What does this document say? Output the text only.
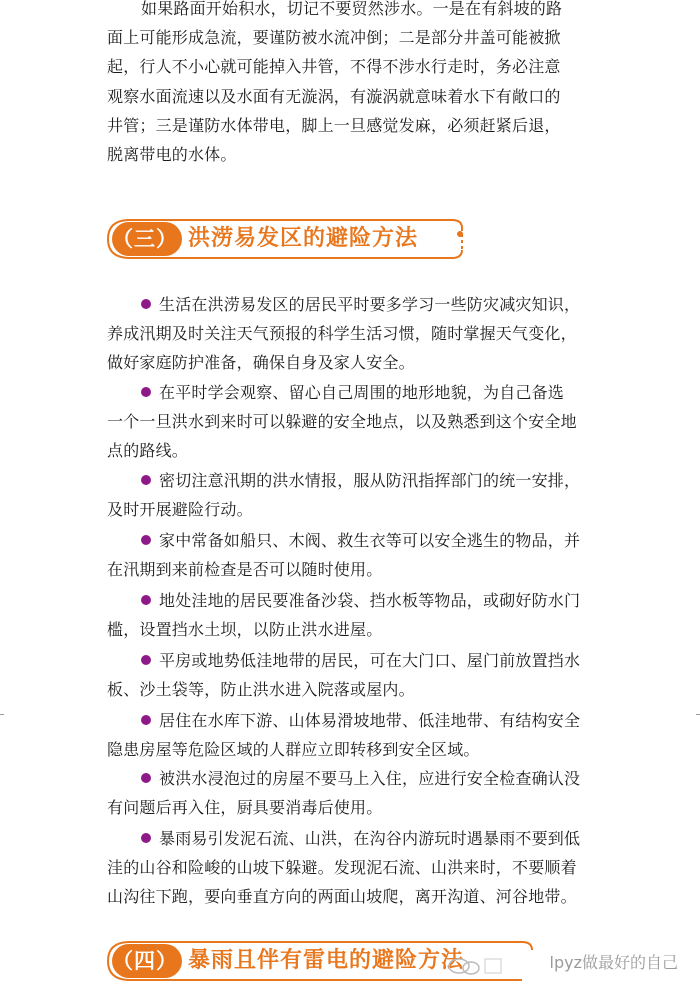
如果路面开始积水，切记不要贸然涉水。一是在有斜坡的路
面上可能形成急流，要谨防被水流冲倒；二是部分井盖可能被掀
起，行人不小心就可能掉入井管，不得不涉水行走时，务必注意
观察水面流速以及水面有无漩涡，有漩涡就意味着水下有敞口的
井管；三是谨防水体带电，脚上一旦感觉发麻，必须赶紧后退，
脱离带电的水体。

（三） 洪涝易发区的避险方法

生活在洪涝易发区的居民平时要多学习一些防灾减灾知识，
养成汛期及时关注天气预报的科学生活习惯，随时掌握天气变化，
做好家庭防护准备，确保自身及家人安全。

在平时学会观察、留心自己周围的地形地貌，为自己备选
一个一旦洪水到来时可以躲避的安全地点，以及熟悉到这个安全地
点的路线。

密切注意汛期的洪水情报，服从防汛指挥部门的统一安排，
及时开展避险行动。

家中常备如船只、木阀、救生衣等可以安全逃生的物品，并
在汛期到来前检查是否可以随时使用。

地处洼地的居民要准备沙袋、挡水板等物品，或砌好防水门
槛，设置挡水土坝，以防止洪水进屋。

平房或地势低洼地带的居民，可在大门口、屋门前放置挡水
板、沙土袋等，防止洪水进入院落或屋内。

居住在水库下游、山体易滑坡地带、低洼地带、有结构安全
隐患房屋等危险区域的人群应立即转移到安全区域。

被洪水浸泡过的房屋不要马上入住，应进行安全检查确认没
有问题后再入住，厨具要消毒后使用。

暴雨易引发泥石流、山洪，在沟谷内游玩时遇暴雨不要到低
洼的山谷和险峻的山坡下躲避。发现泥石流、山洪来时，不要顺着
山沟往下跑，要向垂直方向的两面山坡爬，离开沟道、河谷地带。

（四） 暴雨且伴有雷电的避险方法	lpyz做最好的自己
